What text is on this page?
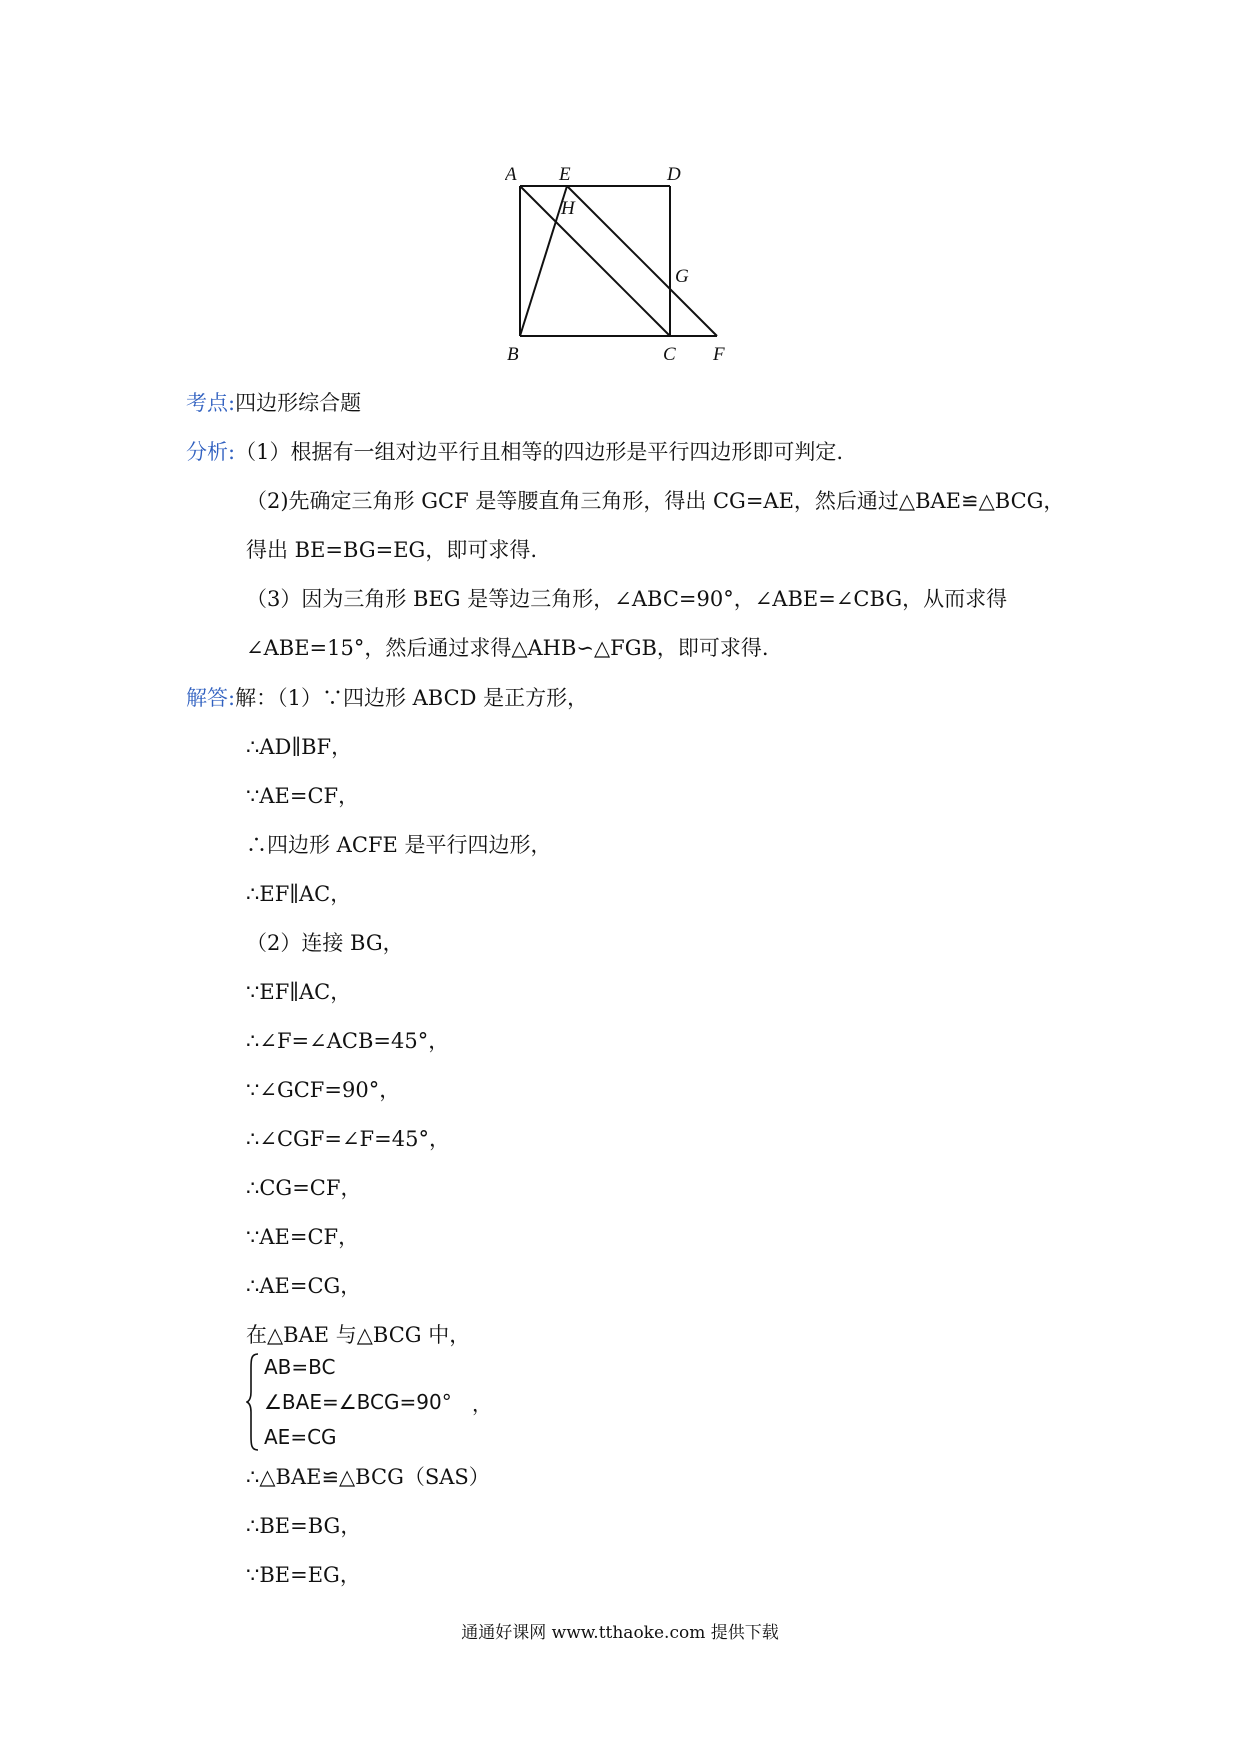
A E	D
H
G
B	C F
考点:四边形综合题
分析:（1）根据有一组对边平行且相等的四边形是平行四边形即可判定.
（2)先确定三角形 GCF 是等腰直角三角形，得出 CG=AE，然后通过△BAE≌△BCG，
得出 BE=BG=EG，即可求得.
（3）因为三角形 BEG 是等边三角形，∠ABC=90°，∠ABE=∠CBG，从而求得
∠ABE=15°，然后通过求得△AHB∽△FGB，即可求得.
解答:解：（1）∵四边形 ABCD 是正方形，
∴AD∥BF，
∵AE=CF，
∴四边形 ACFE 是平行四边形，
∴EF∥AC，
（2）连接 BG，
∵EF∥AC，
∴∠F=∠ACB=45°，
∵∠GCF=90°，
∴∠CGF=∠F=45°，
∴CG=CF，
∵AE=CF，
∴AE=CG，
在△BAE 与△BCG 中，
AB=BC
∠BAE=∠BCG=90°
AE=CG
，
∴△BAE≌△BCG（SAS）
∴BE=BG，
∵BE=EG，
通通好课网 www.tthaoke.com 提供下载
